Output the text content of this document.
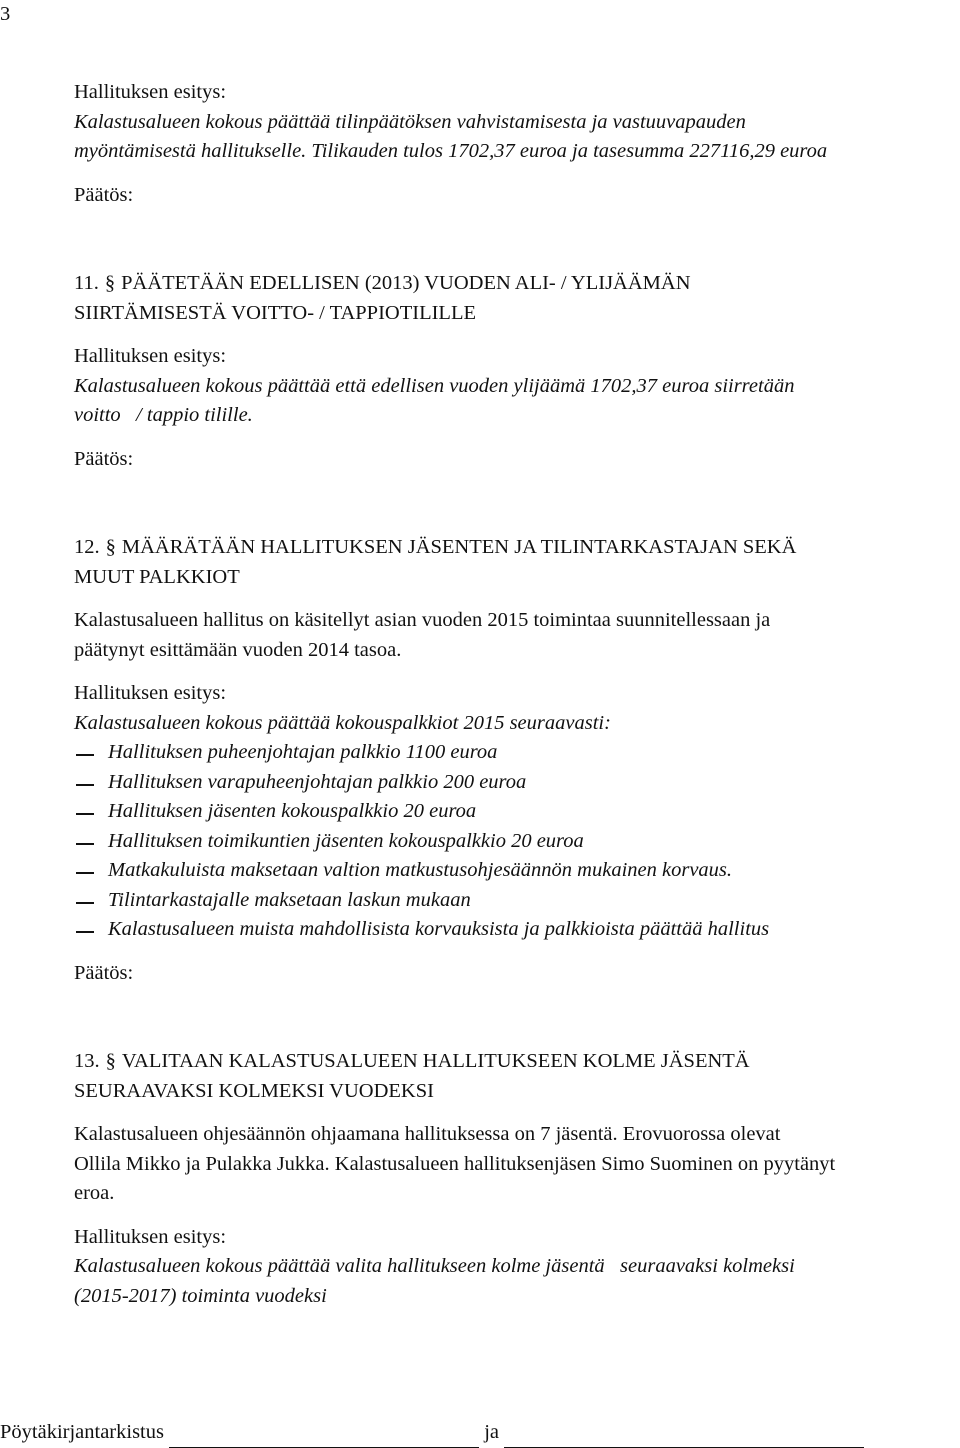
3
Hallituksen esitys:
Kalastusalueen kokous päättää tilinpäätöksen vahvistamisesta ja vastuuvapauden
myöntämisestä hallitukselle. Tilikauden tulos 1702,37 euroa ja tasesumma 227116,29 euroa
Päätös:
11. § PÄÄTETÄÄN EDELLISEN (2013) VUODEN ALI- / YLIJÄÄMÄN
SIIRTÄMISESTÄ VOITTO- / TAPPIOTILILLE
Hallituksen esitys:
Kalastusalueen kokous päättää että edellisen vuoden ylijäämä 1702,37 euroa siirretään
voitto   / tappio tilille.
Päätös:
12. § MÄÄRÄTÄÄN HALLITUKSEN JÄSENTEN JA TILINTARKASTAJAN SEKÄ
MUUT PALKKIOT
Kalastusalueen hallitus on käsitellyt asian vuoden 2015 toimintaa suunnitellessaan ja
päätynyt esittämään vuoden 2014 tasoa.
Hallituksen esitys:
Kalastusalueen kokous päättää kokouspalkkiot 2015 seuraavasti:
Hallituksen puheenjohtajan palkkio 1100 euroa
Hallituksen varapuheenjohtajan palkkio 200 euroa
Hallituksen jäsenten kokouspalkkio 20 euroa
Hallituksen toimikuntien jäsenten kokouspalkkio 20 euroa
Matkakuluista maksetaan valtion matkustusohjesäännön mukainen korvaus.
Tilintarkastajalle maksetaan laskun mukaan
Kalastusalueen muista mahdollisista korvauksista ja palkkioista päättää hallitus
Päätös:
13. § VALITAAN KALASTUSALUEEN HALLITUKSEEN KOLME JÄSENTÄ
SEURAAVAKSI KOLMEKSI VUODEKSI
Kalastusalueen ohjesäännön ohjaamana hallituksessa on 7 jäsentä. Erovuorossa olevat
Ollila Mikko ja Pulakka Jukka. Kalastusalueen hallituksenjäsen Simo Suominen on pyytänyt
eroa.
Hallituksen esitys:
Kalastusalueen kokous päättää valita hallitukseen kolme jäsentä   seuraavaksi kolmeksi
(2015-2017) toiminta vuodeksi
Pöytäkirjantarkistus	ja
